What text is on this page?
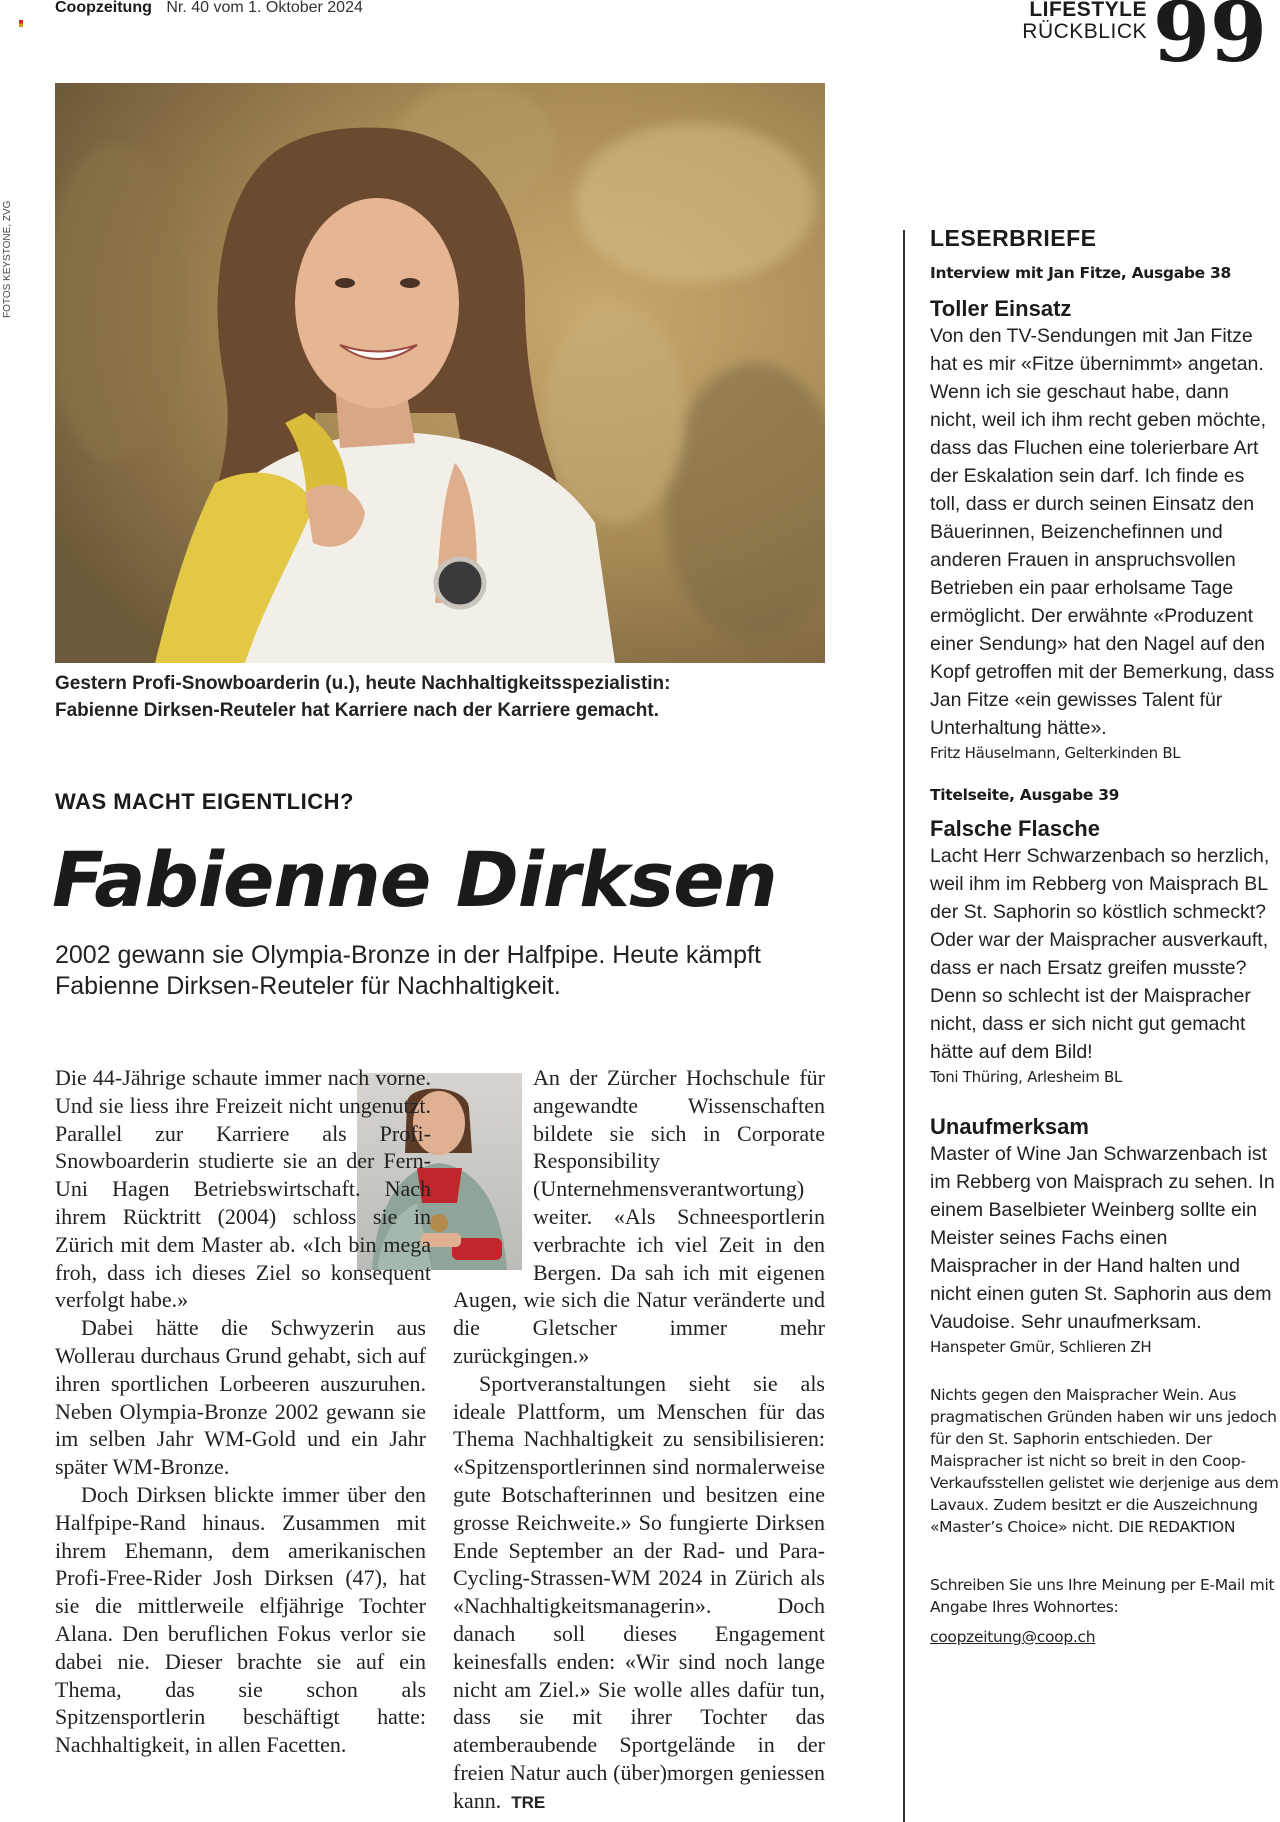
Coopzeitung Nr. 40 vom 1. Oktober 2024	LIFESTYLE
RÜCKBLICK 99
FOTOS KEYSTONE, ZVG
Gestern Profi-Snowboarderin (u.), heute Nachhaltigkeitsspezialistin:
Fabienne Dirksen-Reuteler hat Karriere nach der Karriere gemacht.
WAS MACHT EIGENTLICH?
Fabienne Dirksen
2002 gewann sie Olympia-Bronze in der Halfpipe. Heute kämpft Fabienne Dirksen-Reuteler für Nachhaltigkeit.

Die 44-Jährige schaute immer nach vorne. Und sie liess ihre Freizeit nicht ungenutzt. Parallel zur Karriere als Profi-Snowboarderin studierte sie an der Fern-Uni Hagen Betriebswirtschaft. Nach ihrem Rücktritt (2004) schloss sie in Zürich mit dem Master ab. «Ich bin mega froh, dass ich dieses Ziel so konsequent verfolgt habe.»

Dabei hätte die Schwyzerin aus Wollerau durchaus Grund gehabt, sich auf ihren sportlichen Lorbeeren auszuruhen. Neben Olympia-Bronze 2002 gewann sie im selben Jahr WM-Gold und ein Jahr später WM-Bronze.

Doch Dirksen blickte immer über den Halfpipe-Rand hinaus. Zusammen mit ihrem Ehemann, dem amerikanischen Profi-Free-Rider Josh Dirksen (47), hat sie die mittlerweile elfjährige Tochter Alana. Den beruflichen Fokus verlor sie dabei nie. Dieser brachte sie auf ein Thema, das sie schon als Spitzensportlerin beschäftigt hatte: Nachhaltigkeit, in allen Facetten.

An der Zürcher Hochschule für angewandte Wissenschaften bildete sie sich in Corporate Responsibility (Unternehmensverantwortung) weiter. «Als Schneesportlerin verbrachte ich viel Zeit in den Bergen. Da sah ich mit eigenen Augen, wie sich die Natur veränderte und die Gletscher immer mehr zurückgingen.»

Sportveranstaltungen sieht sie als ideale Plattform, um Menschen für das Thema Nachhaltigkeit zu sensibilisieren: «Spitzensportlerinnen sind normalerweise gute Botschafterinnen und besitzen eine grosse Reichweite.» So fungierte Dirksen Ende September an der Rad- und Para-Cycling-Strassen-WM 2024 in Zürich als «Nachhaltigkeitsmanagerin». Doch danach soll dieses Engagement keinesfalls enden: «Wir sind noch lange nicht am Ziel.» Sie wolle alles dafür tun, dass sie mit ihrer Tochter das atemberaubende Sportgelände in der freien Natur auch (über)morgen geniessen kann. TRE

LESERBRIEFE
Interview mit Jan Fitze, Ausgabe 38
Toller Einsatz
Von den TV-Sendungen mit Jan Fitze hat es mir «Fitze übernimmt» angetan. Wenn ich sie geschaut habe, dann nicht, weil ich ihm recht geben möchte, dass das Fluchen eine tolerierbare Art der Eskalation sein darf. Ich finde es toll, dass er durch seinen Einsatz den Bäuerinnen, Beizenchefinnen und anderen Frauen in anspruchsvollen Betrieben ein paar erholsame Tage ermöglicht. Der erwähnte «Produzent einer Sendung» hat den Nagel auf den Kopf getroffen mit der Bemerkung, dass Jan Fitze «ein gewisses Talent für Unterhaltung hätte».
Fritz Häuselmann, Gelterkinden BL
Titelseite, Ausgabe 39
Falsche Flasche
Lacht Herr Schwarzenbach so herzlich, weil ihm im Rebberg von Maisprach BL der St. Saphorin so köstlich schmeckt? Oder war der Maispracher ausverkauft, dass er nach Ersatz greifen musste? Denn so schlecht ist der Maispracher nicht, dass er sich nicht gut gemacht hätte auf dem Bild!
Toni Thüring, Arlesheim BL
Unaufmerksam
Master of Wine Jan Schwarzenbach ist im Rebberg von Maisprach zu sehen. In einem Baselbieter Weinberg sollte ein Meister seines Fachs einen Maispracher in der Hand halten und nicht einen guten St. Saphorin aus dem Vaudoise. Sehr unaufmerksam.
Hanspeter Gmür, Schlieren ZH
Nichts gegen den Maispracher Wein. Aus pragmatischen Gründen haben wir uns jedoch für den St. Saphorin entschieden. Der Maispracher ist nicht so breit in den Coop-Verkaufsstellen gelistet wie derjenige aus dem Lavaux. Zudem besitzt er die Auszeichnung «Master’s Choice» nicht. DIE REDAKTION
Schreiben Sie uns Ihre Meinung per E-Mail mit Angabe Ihres Wohnortes:
coopzeitung@coop.ch
